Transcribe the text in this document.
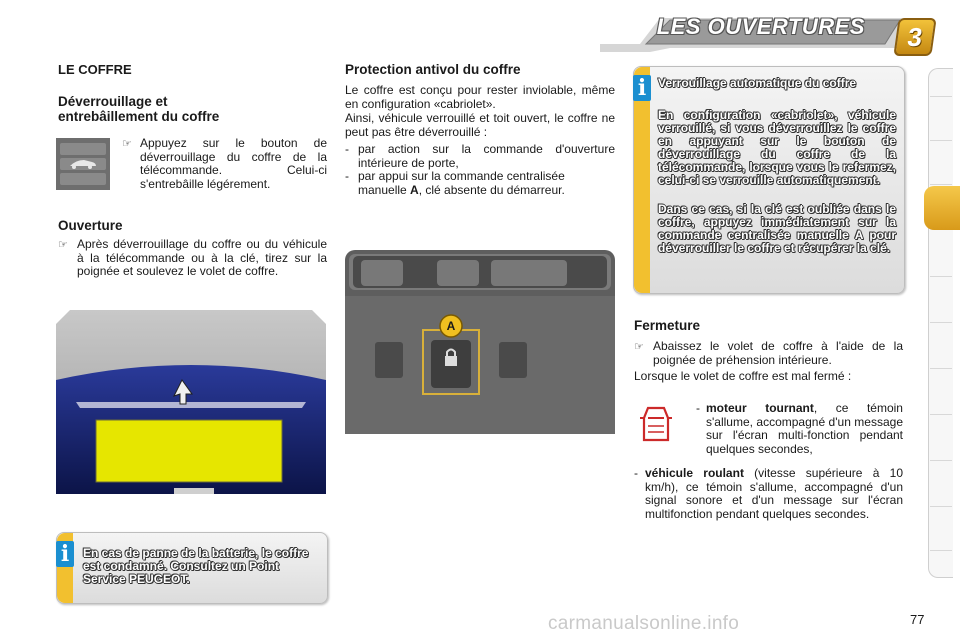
LES OUVERTURES	3
LE COFFRE
Déverrouillage et
entrebâillement du coffre
☞ Appuyez sur le bouton de déverrouillage du coffre de la télécommande. Celui-ci s'entrebâille légérement.
Ouverture
☞ Après déverrouillage du coffre ou du véhicule à la télécommande ou à la clé, tirez sur la poignée et soulevez le volet de coffre.
i	En cas de panne de la batterie, le coffre est condamné. Consultez un Point Service PEUGEOT.
Protection antivol du coffre
Le coffre est conçu pour rester inviolable, même en configuration «cabriolet».
Ainsi, véhicule verrouillé et toit ouvert, le coffre ne peut pas être déverrouillé :
- par action sur la commande d'ouverture intérieure de porte,
- par appui sur la commande centralisée manuelle A, clé absente du démarreur.
A
i Verrouillage automatique du coffre
En configuration «cabriolet», véhicule verrouillé, si vous déverrouillez le coffre en appuyant sur le bouton de déverrouillage du coffre de la télécommande, lorsque vous le refermez, celui-ci se verrouille automatiquement.
Dans ce cas, si la clé est oubliée dans le coffre, appuyez immédiatement sur la commande centralisée manuelle A pour déverrouiller le coffre et récupérer la clé.
Fermeture
☞ Abaissez le volet de coffre à l'aide de la poignée de préhension intérieure.
Lorsque le volet de coffre est mal fermé :
- moteur tournant, ce témoin s'allume, accompagné d'un message sur l'écran multi-fonction pendant quelques secondes,
- véhicule roulant (vitesse supérieure à 10 km/h), ce témoin s'allume, accompagné d'un signal sonore et d'un message sur l'écran multifonction pendant quelques secondes.
carmanualsonline.info	77
